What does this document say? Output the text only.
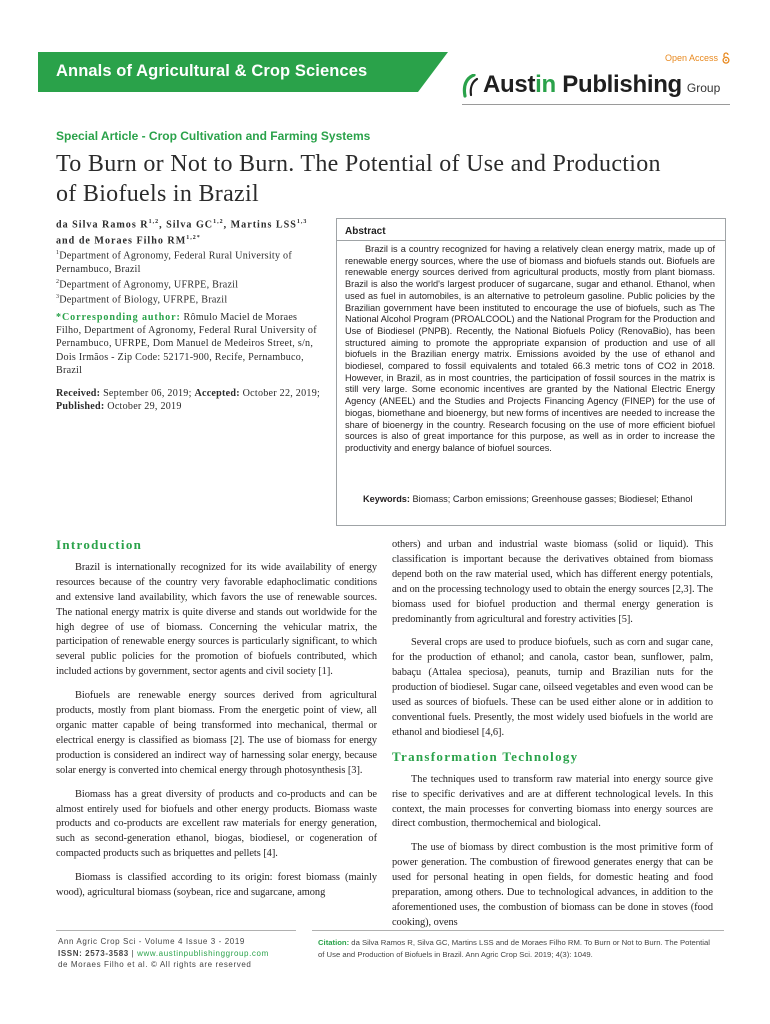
Annals of Agricultural & Crop Sciences
Open Access
Austin Publishing Group
Special Article - Crop Cultivation and Farming Systems
To Burn or Not to Burn. The Potential of Use and Production of Biofuels in Brazil

da Silva Ramos R$^{1,2}$, Silva GC$^{1,2}$, Martins LSS$^{1,3}$ and de Moraes Filho $RM^{1,2*}$

$^1$Department of Agronomy, Federal Rural University of Pernambuco, Brazil

$^2$Department of Agronomy, UFRPE, Brazil

$^3$Department of Biology, UFRPE, Brazil

*Corresponding author: Rômulo Maciel de Moraes Filho, Department of Agronomy, Federal Rural University of Pernambuco, UFRPE, Dom Manuel de Medeiros Street, s/n, Dois Irmãos - Zip Code: 52171-900, Recife, Pernambuco, Brazil

Received: September 06, 2019; Accepted: October 22, 2019; Published: October 29, 2019

Abstract

Brazil is a country recognized for having a relatively clean energy matrix, made up of renewable energy sources, where the use of biomass and biofuels stands out. Biofuels are renewable energy sources derived from agricultural products, mostly from plant biomass. Brazil is also the world's largest producer of sugarcane, sugar and ethanol. Ethanol, when used as fuel in automobiles, is an alternative to petroleum gasoline. Public policies by the Brazilian government have been instituted to encourage the use of biofuels, such as The National Alcohol Program (PROALCOOL) and the National Program for the Production and Use of Biodiesel (PNPB). Recently, the National Biofuels Policy (RenovaBio), has been structured aiming to promote the appropriate expansion of production and use of all biofuels in the Brazilian energy matrix. Emissions avoided by the use of ethanol and biodiesel, compared to fossil equivalents and totaled 66.3 metric tons of CO2 in 2018. However, in Brazil, as in most countries, the participation of fossil sources in the matrix is still very large. Some economic incentives are granted by the National Electric Energy Agency (ANEEL) and the Studies and Projects Financing Agency (FINEP) for the use of biogas, biomethane and bioenergy, but new forms of incentives are needed to increase the share of bioenergy in the country. Research focusing on the use of more efficient biofuel sources is also of great importance for this purpose, as well as in order to increase the productivity and energy balance of biofuel sources.

Keywords: Biomass; Carbon emissions; Greenhouse gasses; Biodiesel; Ethanol
Introduction

Brazil is internationally recognized for its wide availability of energy resources because of the country very favorable edaphoclimatic conditions and extensive land availability, which favors the use of renewable sources. The national energy matrix is quite diverse and stands out worldwide for the high degree of use of biomass. Concerning the vehicular matrix, the participation of renewable energy sources is particularly significant, to which several public policies for the promotion of biofuels contributed, which included actions by government, sector agents and civil society [1].

Biofuels are renewable energy sources derived from agricultural products, mostly from plant biomass. From the energetic point of view, all organic matter capable of being transformed into mechanical, thermal or electrical energy is classified as biomass [2]. The use of biomass for energy production is considered an indirect way of harnessing solar energy, because solar energy is converted into chemical energy through photosynthesis [3].

Biomass has a great diversity of products and co-products and can be almost entirely used for biofuels and other energy products. Biomass waste products and co-products are excellent raw materials for energy generation, such as second-generation ethanol, biogas, biodiesel, or cogeneration of compacted products such as briquettes and pellets [4].

Biomass is classified according to its origin: forest biomass (mainly wood), agricultural biomass (soybean, rice and sugarcane, among

others) and urban and industrial waste biomass (solid or liquid). This classification is important because the derivatives obtained from biomass depend both on the raw material used, which has different energy potentials, and on the processing technology used to obtain the energy sources [2,3]. The biomass used for biofuel production and thermal energy generation is predominantly from agricultural and forestry activities [5].

Several crops are used to produce biofuels, such as corn and sugar cane, for the production of ethanol; and canola, castor bean, sunflower, palm, babaçu (Attalea speciosa), peanuts, turnip and Brazilian nuts for the production of biodiesel. Sugar cane, oilseed vegetables and even wood can be used as sources of biofuels. These can be used either alone or in addition to conventional fuels. Presently, the most widely used biofuels in the world are ethanol and biodiesel [4,6].

Transformation Technology

The techniques used to transform raw material into energy source give rise to specific derivatives and are at different technological levels. In this context, the main processes for converting biomass into energy sources are direct combustion, thermochemical and biological.

The use of biomass by direct combustion is the most primitive form of power generation. The combustion of firewood generates energy that can be used for personal heating in open fields, for domestic heating and food preparation, among others. Due to technological advances, in addition to the aforementioned uses, the combustion of biomass can be done in stoves (food cooking), ovens

Ann Agric Crop Sci - Volume 4 Issue 3 - 2019
ISSN: 2573-3583 | www.austinpublishinggroup.com
de Moraes Filho et al. © All rights are reserved
Citation: da Silva Ramos R, Silva GC, Martins LSS and de Moraes Filho RM. To Burn or Not to Burn. The Potential of Use and Production of Biofuels in Brazil. Ann Agric Crop Sci. 2019; 4(3): 1049.
